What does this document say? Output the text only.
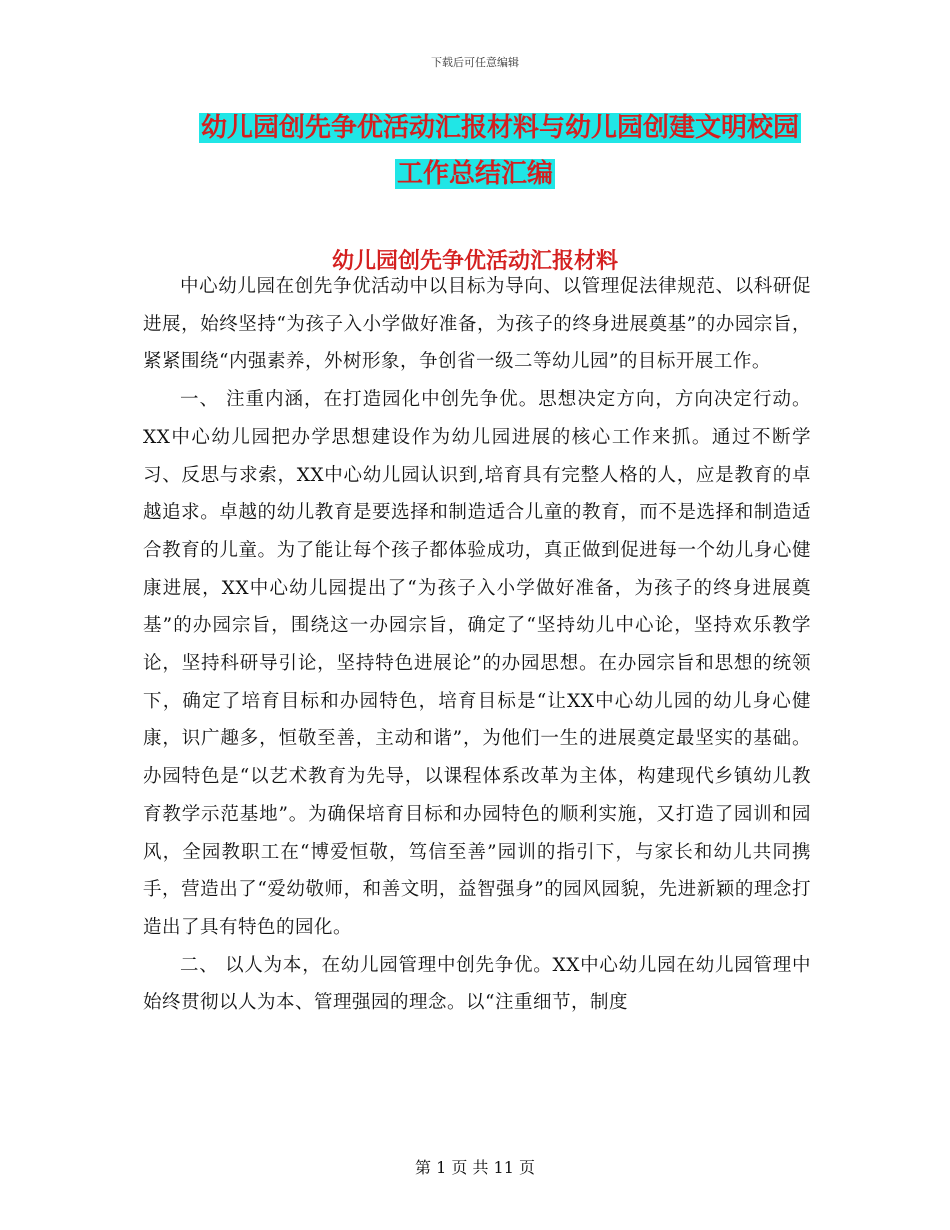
下载后可任意编辑
幼儿园创先争优活动汇报材料与幼儿园创建文明校园
工作总结汇编
幼儿园创先争优活动汇报材料

中心幼儿园在创先争优活动中以目标为导向、以管理促法律规范、以科研促进展，始终坚持“为孩子入小学做好准备，为孩子的终身进展奠基”的办园宗旨，紧紧围绕“内强素养，外树形象，争创省一级二等幼儿园”的目标开展工作。

一、 注重内涵，在打造园化中创先争优。思想决定方向，方向决定行动。XX中心幼儿园把办学思想建设作为幼儿园进展的核心工作来抓。通过不断学习、反思与求索，XX中心幼儿园认识到,培育具有完整人格的人，应是教育的卓越追求。卓越的幼儿教育是要选择和制造适合儿童的教育，而不是选择和制造适合教育的儿童。为了能让每个孩子都体验成功，真正做到促进每一个幼儿身心健康进展，XX中心幼儿园提出了“为孩子入小学做好准备，为孩子的终身进展奠基”的办园宗旨，围绕这一办园宗旨，确定了“坚持幼儿中心论，坚持欢乐教学论，坚持科研导引论，坚持特色进展论”的办园思想。在办园宗旨和思想的统领下，确定了培育目标和办园特色，培育目标是“让XX中心幼儿园的幼儿身心健康，识广趣多，恒敬至善，主动和谐”，为他们一生的进展奠定最坚实的基础。办园特色是“以艺术教育为先导，以课程体系改革为主体，构建现代乡镇幼儿教育教学示范基地”。为确保培育目标和办园特色的顺利实施，又打造了园训和园风，全园教职工在“博爱恒敬，笃信至善”园训的指引下，与家长和幼儿共同携手，营造出了“爱幼敬师，和善文明，益智强身”的园风园貌，先进新颖的理念打造出了具有特色的园化。

二、 以人为本，在幼儿园管理中创先争优。XX中心幼儿园在幼儿园管理中始终贯彻以人为本、管理强园的理念。以“注重细节，制度

第 1 页 共 11 页
